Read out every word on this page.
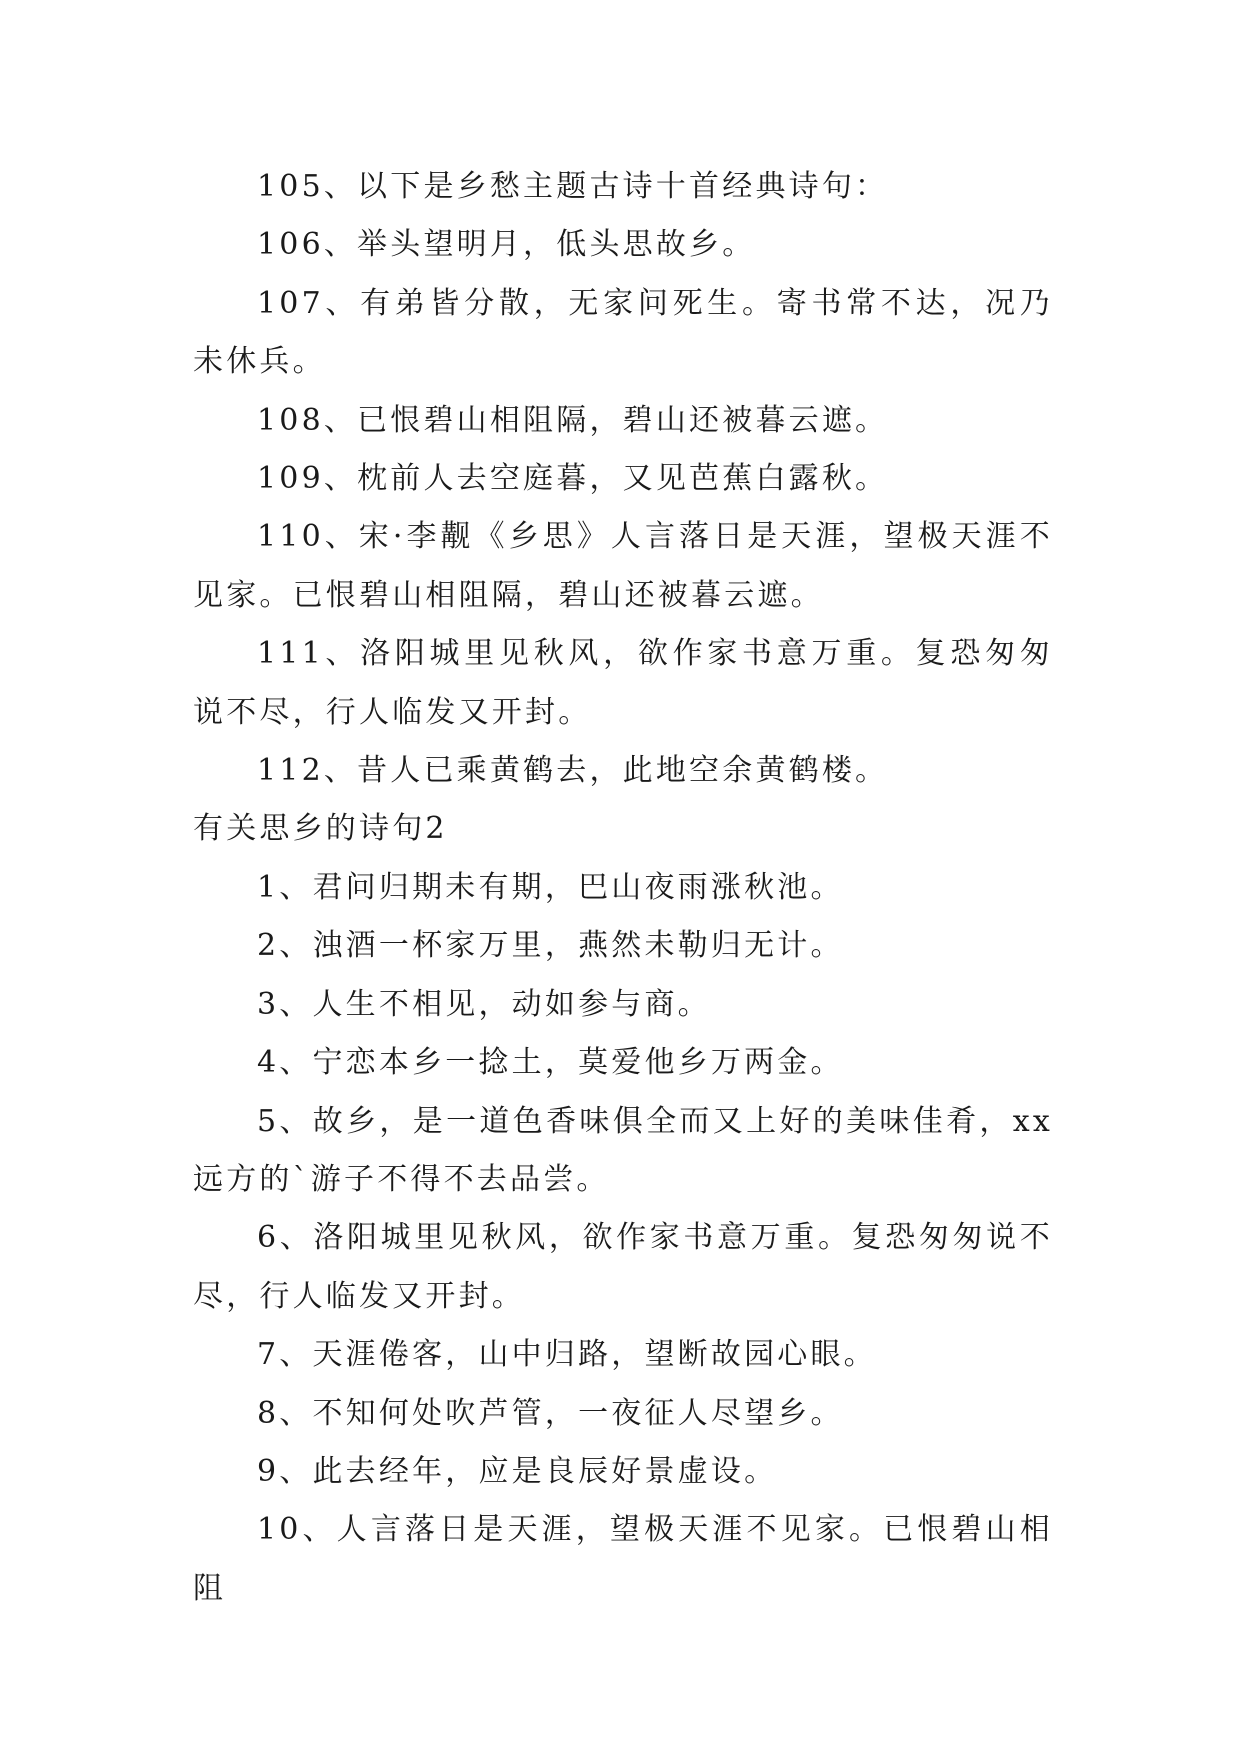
105、以下是乡愁主题古诗十首经典诗句：

106、举头望明月，低头思故乡。

107、有弟皆分散，无家问死生。寄书常不达，况乃未休兵。

108、已恨碧山相阻隔，碧山还被暮云遮。

109、枕前人去空庭暮，又见芭蕉白露秋。

110、宋·李觏《乡思》人言落日是天涯，望极天涯不见家。已恨碧山相阻隔，碧山还被暮云遮。

111、洛阳城里见秋风，欲作家书意万重。复恐匆匆说不尽，行人临发又开封。

112、昔人已乘黄鹤去，此地空余黄鹤楼。

有关思乡的诗句2

1、君问归期未有期，巴山夜雨涨秋池。

2、浊酒一杯家万里，燕然未勒归无计。

3、人生不相见，动如参与商。

4、宁恋本乡一捻土，莫爱他乡万两金。

5、故乡，是一道色香味俱全而又上好的美味佳肴，xx远方的`游子不得不去品尝。

6、洛阳城里见秋风，欲作家书意万重。复恐匆匆说不尽，行人临发又开封。

7、天涯倦客，山中归路，望断故园心眼。

8、不知何处吹芦管，一夜征人尽望乡。

9、此去经年，应是良辰好景虚设。

10、人言落日是天涯，望极天涯不见家。已恨碧山相阻
